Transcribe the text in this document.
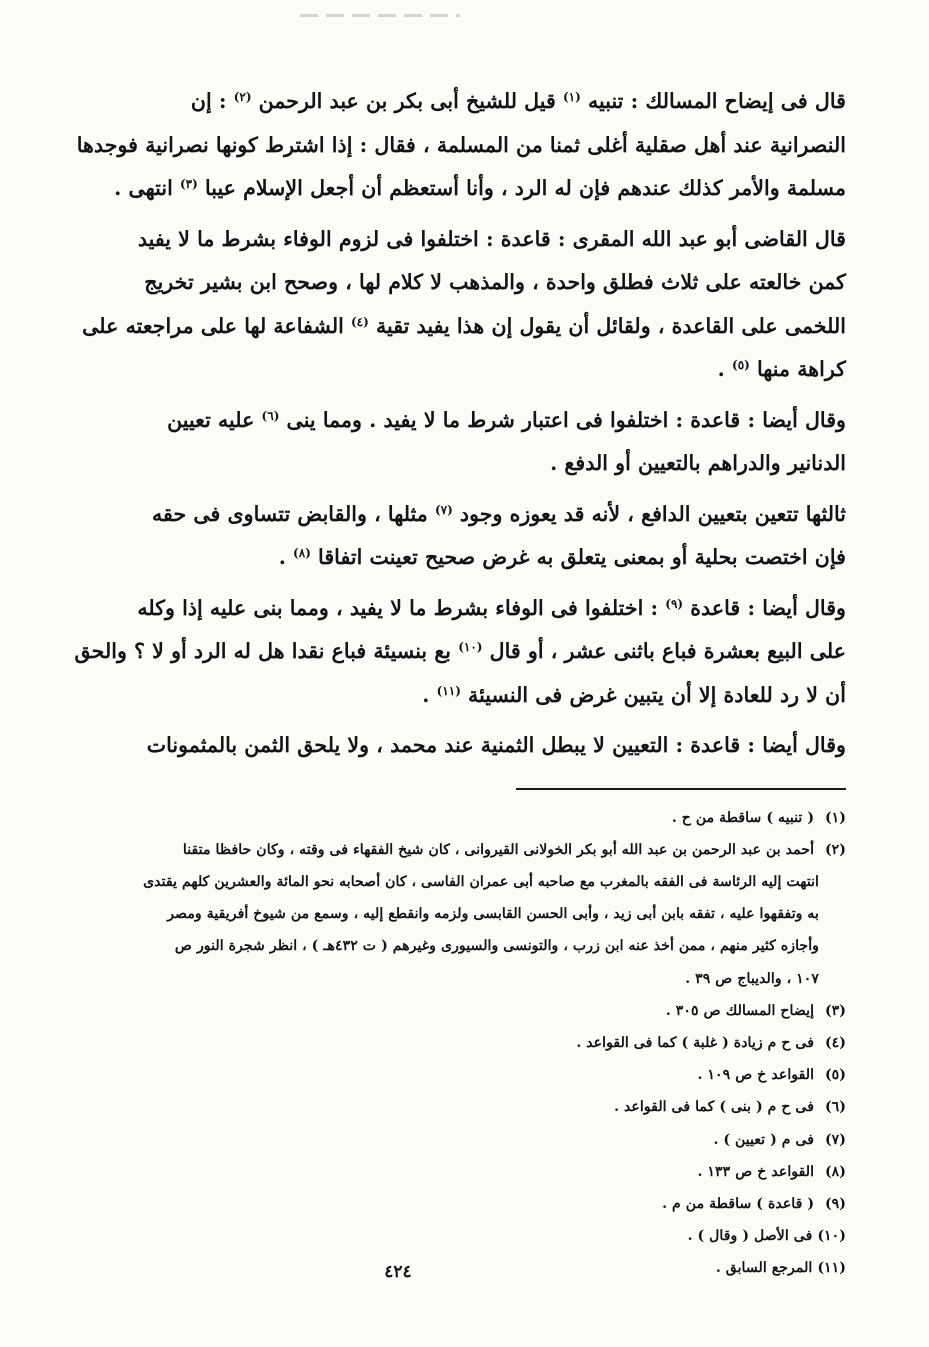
قال فى إيضاح المسالك : تنبيه $^{(١)}$ قيل للشيخ أبى بكر بن عبد الرحمن $^{(٢)}$ : إن
النصرانية عند أهل صقلية أغلى ثمنا من المسلمة ، فقال : إذا اشترط كونها نصرانية فوجدها
مسلمة والأمر كذلك عندهم فإن له الرد ، وأنا أستعظم أن أجعل الإسلام عيبا $^{(٣)}$ انتهى .
قال القاضى أبو عبد الله المقرى : قاعدة : اختلفوا فى لزوم الوفاء بشرط ما لا يفيد
كمن خالعته على ثلاث فطلق واحدة ، والمذهب لا كلام لها ، وصحح ابن بشير تخريج
اللخمى على القاعدة ، ولقائل أن يقول إن هذا يفيد تقية $^{(٤)}$ الشفاعة لها على مراجعته على
كراهة منها $^{(٥)}$ .
وقال أيضا : قاعدة : اختلفوا فى اعتبار شرط ما لا يفيد . ومما ينى $^{(٦)}$ عليه تعيين
الدنانير والدراهم بالتعيين أو الدفع .
ثالثها تتعين بتعيين الدافع ، لأنه قد يعوزه وجود $^{(٧)}$ مثلها ، والقابض تتساوى فى حقه
فإن اختصت بحلية أو بمعنى يتعلق به غرض صحيح تعينت اتفاقا $^{(٨)}$ .
وقال أيضا : قاعدة $^{(٩)}$ : اختلفوا فى الوفاء بشرط ما لا يفيد ، ومما بنى عليه إذا وكله
على البيع بعشرة فباع باثنى عشر ، أو قال $^{(١٠)}$ بع بنسيئة فباع نقدا هل له الرد أو لا ؟ والحق
أن لا رد للعادة إلا أن يتبين غرض فى النسيئة $^{(١١)}$ .
وقال أيضا : قاعدة : التعيين لا يبطل الثمنية عند محمد ، ولا يلحق الثمن بالمثمونات
(١) ( تنبيه ) ساقطة من ح .
(٢) أحمد بن عبد الرحمن بن عبد الله أبو بكر الخولانى القيروانى ، كان شيخ الفقهاء فى وقته ، وكان حافظا متقنا
انتهت إليه الرئاسة فى الفقه بالمغرب مع صاحبه أبى عمران الفاسى ، كان أصحابه نحو المائة والعشرين كلهم يقتدى
به وتفقهوا عليه ، تفقه بابن أبى زيد ، وأبى الحسن القابسى ولزمه وانقطع إليه ، وسمع من شيوخ أفريقية ومصر
وأجازه كثير منهم ، ممن أخذ عنه ابن زرب ، والتونسى والسيورى وغيرهم ( ت ٤٣٢هـ ) ، انظر شجرة النور ص
١٠٧ ، والديباج ص ٣٩ .
(٣) إيضاح المسالك ص ٣٠٥ .
(٤) فى ح م زيادة ( غلبة ) كما فى القواعد .
(٥) القواعد خ ص ١٠٩ .
(٦) فى ح م ( بنى ) كما فى القواعد .
(٧) فى م ( تعيين ) .
(٨) القواعد خ ص ١٣٣ .
(٩) ( قاعدة ) ساقطة من م .
(١٠) فى الأصل ( وقال ) .
(١١) المرجع السابق .
٤٢٤
